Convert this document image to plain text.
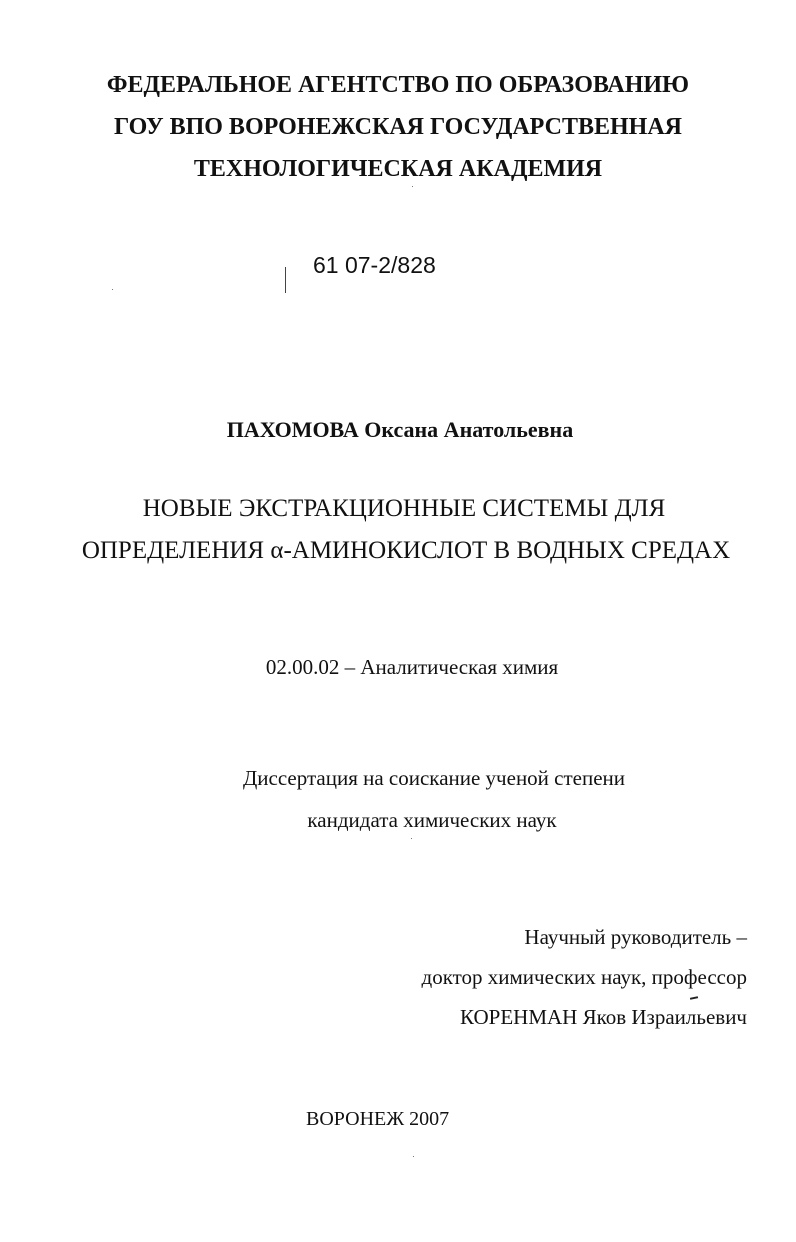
ФЕДЕРАЛЬНОЕ АГЕНТСТВО ПО ОБРАЗОВАНИЮ
ГОУ ВПО ВОРОНЕЖСКАЯ ГОСУДАРСТВЕННАЯ
ТЕХНОЛОГИЧЕСКАЯ АКАДЕМИЯ
61 07-2/828
ПАХОМОВА Оксана Анатольевна
НОВЫЕ ЭКСТРАКЦИОННЫЕ СИСТЕМЫ ДЛЯ
ОПРЕДЕЛЕНИЯ α-АМИНОКИСЛОТ В ВОДНЫХ СРЕДАХ
02.00.02 – Аналитическая химия
Диссертация на соискание ученой степени
кандидата химических наук
Научный руководитель –
доктор химических наук, профессор
КОРЕНМАН Яков Израильевич
ВОРОНЕЖ 2007
